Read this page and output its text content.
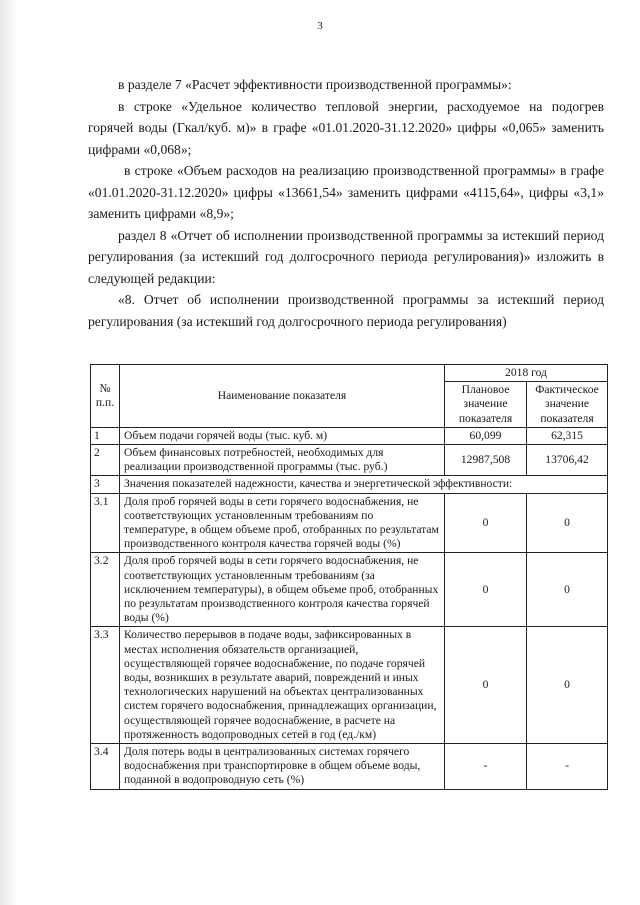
3

в разделе 7 «Расчет эффективности производственной программы»:

в строке «Удельное количество тепловой энергии, расходуемое на подогрев горячей воды (Гкал/куб. м)» в графе «01.01.2020-31.12.2020» цифры «0,065» заменить цифрами «0,068»;

в строке «Объем расходов на реализацию производственной программы» в графе «01.01.2020-31.12.2020» цифры «13661,54» заменить цифрами «4115,64», цифры «3,1» заменить цифрами «8,9»;

раздел 8 «Отчет об исполнении производственной программы за истекший период регулирования (за истекший год долгосрочного периода регулирования)» изложить в следующей редакции:

«8. Отчет об исполнении производственной программы за истекший период регулирования (за истекший год долгосрочного периода регулирования)

№ п.п.	Наименование показателя	2018 год	
		Плановое значение показателя	Фактическое значение показателя
1	Объем подачи горячей воды (тыс. куб. м)	60,099	62,315
2	Объем финансовых потребностей, необходимых для реализации производственной программы (тыс. руб.)	12987,508	13706,42
3	Значения показателей надежности, качества и энергетической эффективности:		
3.1	Доля проб горячей воды в сети горячего водоснабжения, не соответствующих установленным требованиям по температуре, в общем объеме проб, отобранных по результатам производственного контроля качества горячей воды (%)	0	0
3.2	Доля проб горячей воды в сети горячего водоснабжения, не соответствующих установленным требованиям (за исключением температуры), в общем объеме проб, отобранных по результатам производственного контроля качества горячей воды (%)	0	0
3.3	Количество перерывов в подаче воды, зафиксированных в местах исполнения обязательств организацией, осуществляющей горячее водоснабжение, по подаче горячей воды, возникших в результате аварий, повреждений и иных технологических нарушений на объектах централизованных систем горячего водоснабжения, принадлежащих организации, осуществляющей горячее водоснабжение, в расчете на протяженность водопроводных сетей в год (ед./км)	0	0
3.4	Доля потерь воды в централизованных системах горячего водоснабжения при транспортировке в общем объеме воды, поданной в водопроводную сеть (%)	-	-
